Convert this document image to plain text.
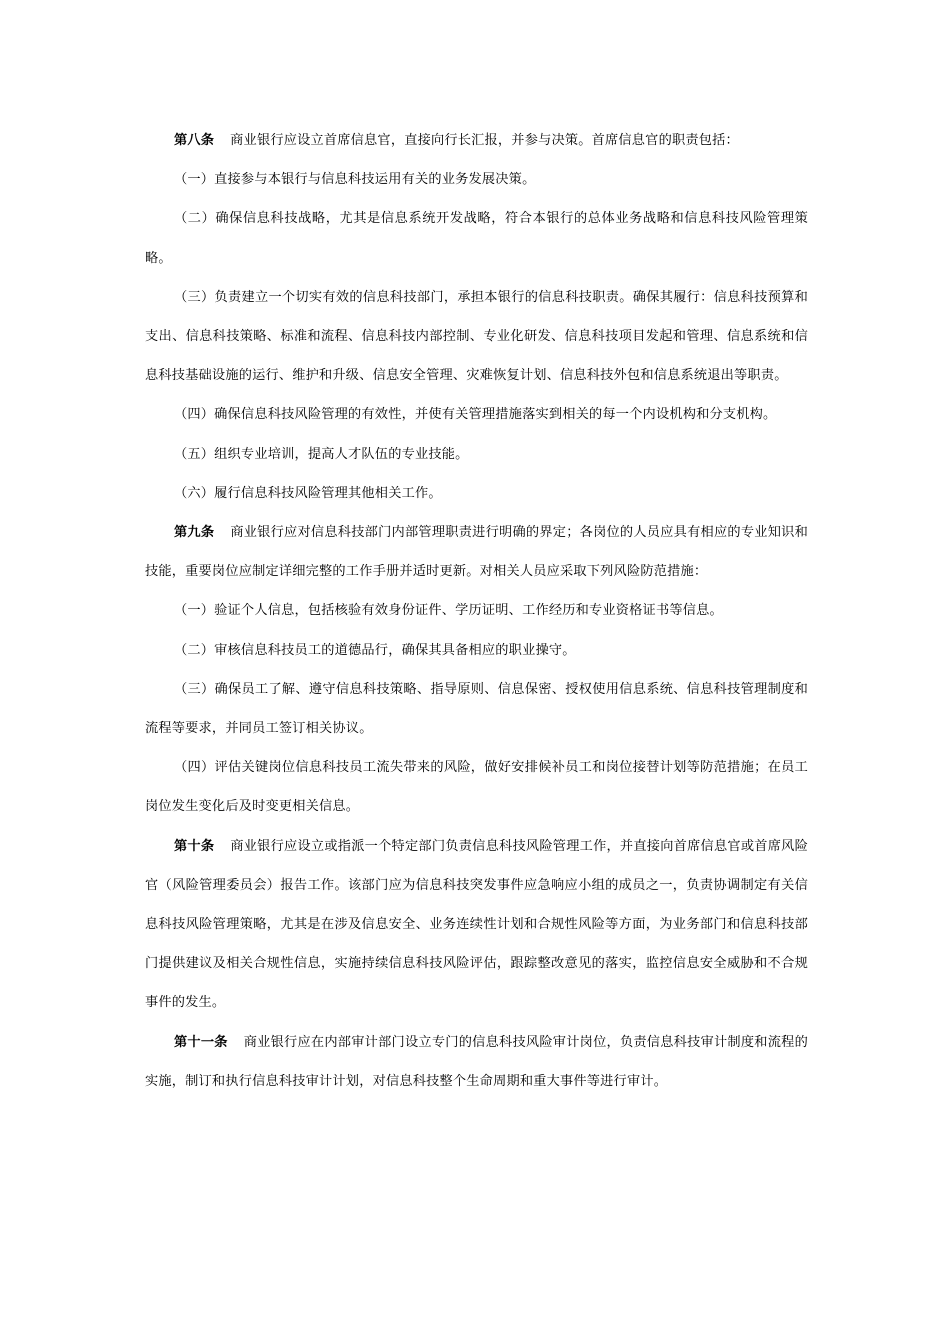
第八条 商业银行应设立首席信息官，直接向行长汇报，并参与决策。首席信息官的职责包括：

（一）直接参与本银行与信息科技运用有关的业务发展决策。

（二）确保信息科技战略，尤其是信息系统开发战略，符合本银行的总体业务战略和信息科技风险管理策略。

（三）负责建立一个切实有效的信息科技部门，承担本银行的信息科技职责。确保其履行：信息科技预算和支出、信息科技策略、标准和流程、信息科技内部控制、专业化研发、信息科技项目发起和管理、信息系统和信息科技基础设施的运行、维护和升级、信息安全管理、灾难恢复计划、信息科技外包和信息系统退出等职责。

（四）确保信息科技风险管理的有效性，并使有关管理措施落实到相关的每一个内设机构和分支机构。

（五）组织专业培训，提高人才队伍的专业技能。

（六）履行信息科技风险管理其他相关工作。

第九条 商业银行应对信息科技部门内部管理职责进行明确的界定；各岗位的人员应具有相应的专业知识和技能，重要岗位应制定详细完整的工作手册并适时更新。对相关人员应采取下列风险防范措施：

（一）验证个人信息，包括核验有效身份证件、学历证明、工作经历和专业资格证书等信息。

（二）审核信息科技员工的道德品行，确保其具备相应的职业操守。

（三）确保员工了解、遵守信息科技策略、指导原则、信息保密、授权使用信息系统、信息科技管理制度和流程等要求，并同员工签订相关协议。

（四）评估关键岗位信息科技员工流失带来的风险，做好安排候补员工和岗位接替计划等防范措施；在员工岗位发生变化后及时变更相关信息。

第十条 商业银行应设立或指派一个特定部门负责信息科技风险管理工作，并直接向首席信息官或首席风险官（风险管理委员会）报告工作。该部门应为信息科技突发事件应急响应小组的成员之一，负责协调制定有关信息科技风险管理策略，尤其是在涉及信息安全、业务连续性计划和合规性风险等方面，为业务部门和信息科技部门提供建议及相关合规性信息，实施持续信息科技风险评估，跟踪整改意见的落实，监控信息安全威胁和不合规事件的发生。

第十一条 商业银行应在内部审计部门设立专门的信息科技风险审计岗位，负责信息科技审计制度和流程的实施，制订和执行信息科技审计计划，对信息科技整个生命周期和重大事件等进行审计。
